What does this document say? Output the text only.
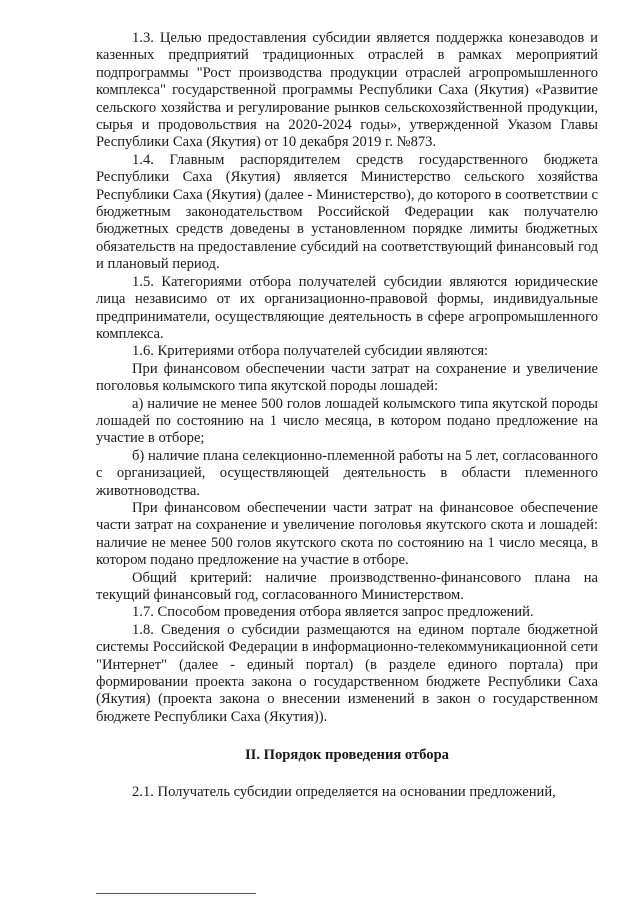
1.3. Целью предоставления субсидии является поддержка конезаводов и казенных предприятий традиционных отраслей в рамках мероприятий подпрограммы "Рост производства продукции отраслей агропромышленного комплекса" государственной программы Республики Саха (Якутия) «Развитие сельского хозяйства и регулирование рынков сельскохозяйственной продукции, сырья и продовольствия на 2020-2024 годы», утвержденной Указом Главы Республики Саха (Якутия) от 10 декабря 2019 г. №873.

1.4. Главным распорядителем средств государственного бюджета Республики Саха (Якутия) является Министерство сельского хозяйства Республики Саха (Якутия) (далее - Министерство), до которого в соответствии с бюджетным законодательством Российской Федерации как получателю бюджетных средств доведены в установленном порядке лимиты бюджетных обязательств на предоставление субсидий на соответствующий финансовый год и плановый период.

1.5. Категориями отбора получателей субсидии являются юридические лица независимо от их организационно-правовой формы, индивидуальные предприниматели, осуществляющие деятельность в сфере агропромышленного комплекса.

1.6. Критериями отбора получателей субсидии являются:

При финансовом обеспечении части затрат на сохранение и увеличение поголовья колымского типа якутской породы лошадей:

а) наличие не менее 500 голов лошадей колымского типа якутской породы лошадей по состоянию на 1 число месяца, в котором подано предложение на участие в отборе;

б) наличие плана селекционно-племенной работы на 5 лет, согласованного с организацией, осуществляющей деятельность в области племенного животноводства.

При финансовом обеспечении части затрат на финансовое обеспечение части затрат на сохранение и увеличение поголовья якутского скота и лошадей: наличие не менее 500 голов якутского скота по состоянию на 1 число месяца, в котором подано предложение на участие в отборе.

Общий критерий: наличие производственно-финансового плана на текущий финансовый год, согласованного Министерством.

1.7. Способом проведения отбора является запрос предложений.

1.8. Сведения о субсидии размещаются на едином портале бюджетной системы Российской Федерации в информационно-телекоммуникационной сети "Интернет" (далее - единый портал) (в разделе единого портала) при формировании проекта закона о государственном бюджете Республики Саха (Якутия) (проекта закона о внесении изменений в закон о государственном бюджете Республики Саха (Якутия)).

II. Порядок проведения отбора

2.1. Получатель субсидии определяется на основании предложений,
